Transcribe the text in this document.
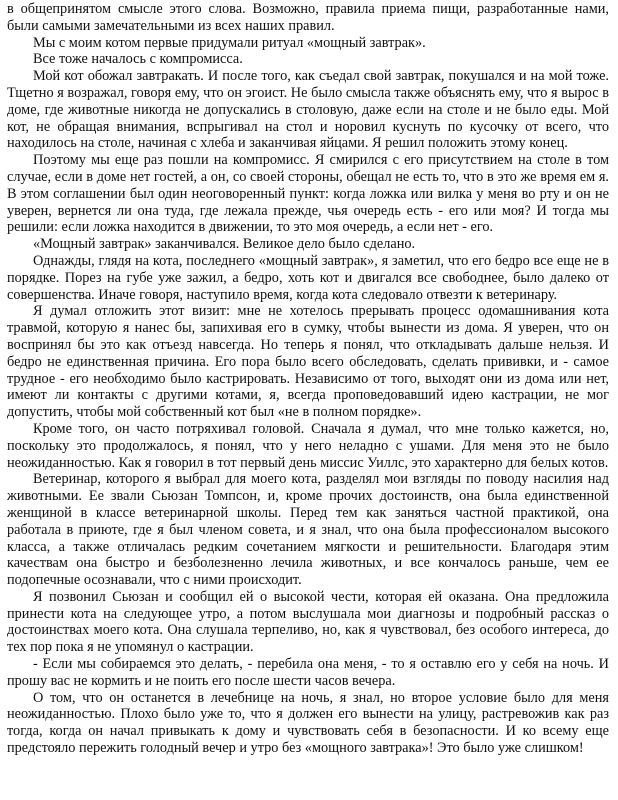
в общепринятом смысле этого слова. Возможно, правила приема пищи, разработанные нами, были самыми замечательными из всех наших правил.

Мы с моим котом первые придумали ритуал «мощный завтрак».

Все тоже началось с компромисса.

Мой кот обожал завтракать. И после того, как съедал свой завтрак, покушался и на мой тоже. Тщетно я возражал, говоря ему, что он эгоист. Не было смысла также объяснять ему, что я вырос в доме, где животные никогда не допускались в столовую, даже если на столе и не было еды. Мой кот, не обращая внимания, вспрыгивал на стол и норовил куснуть по кусочку от всего, что находилось на столе, начиная с хлеба и заканчивая яйцами. Я решил положить этому конец.

Поэтому мы еще раз пошли на компромисс. Я смирился с его присутствием на столе в том случае, если в доме нет гостей, а он, со своей стороны, обещал не есть то, что в это же время ем я. В этом соглашении был один неоговоренный пункт: когда ложка или вилка у меня во рту и он не уверен, вернется ли она туда, где лежала прежде, чья очередь есть - его или моя? И тогда мы решили: если ложка находится в движении, то это моя очередь, а если нет - его.

«Мощный завтрак» заканчивался. Великое дело было сделано.

Однажды, глядя на кота, последнего «мощный завтрак», я заметил, что его бедро все еще не в порядке. Порез на губе уже зажил, а бедро, хоть кот и двигался все свободнее, было далеко от совершенства. Иначе говоря, наступило время, когда кота следовало отвезти к ветеринару.

Я думал отложить этот визит: мне не хотелось прерывать процесс одомашнивания кота травмой, которую я нанес бы, запихивая его в сумку, чтобы вынести из дома. Я уверен, что он воспринял бы это как отъезд навсегда. Но теперь я понял, что откладывать дальше нельзя. И бедро не единственная причина. Его пора было всего обследовать, сделать прививки, и - самое трудное - его необходимо было кастрировать. Независимо от того, выходят они из дома или нет, имеют ли контакты с другими котами, я, всегда проповедовавший идею кастрации, не мог допустить, чтобы мой собственный кот был «не в полном порядке».

Кроме того, он часто потряхивал головой. Сначала я думал, что мне только кажется, но, поскольку это продолжалось, я понял, что у него неладно с ушами. Для меня это не было неожиданностью. Как я говорил в тот первый день миссис Уиллс, это характерно для белых котов.

Ветеринар, которого я выбрал для моего кота, разделял мои взгляды по поводу насилия над животными. Ее звали Сьюзан Томпсон, и, кроме прочих достоинств, она была единственной женщиной в классе ветеринарной школы. Перед тем как заняться частной практикой, она работала в приюте, где я был членом совета, и я знал, что она была профессионалом высокого класса, а также отличалась редким сочетанием мягкости и решительности. Благодаря этим качествам она быстро и безболезненно лечила животных, и все кончалось раньше, чем ее подопечные осознавали, что с ними происходит.

Я позвонил Сьюзан и сообщил ей о высокой чести, которая ей оказана. Она предложила принести кота на следующее утро, а потом выслушала мои диагнозы и подробный рассказ о достоинствах моего кота. Она слушала терпеливо, но, как я чувствовал, без особого интереса, до тех пор пока я не упомянул о кастрации.

- Если мы собираемся это делать, - перебила она меня, - то я оставлю его у себя на ночь. И прошу вас не кормить и не поить его после шести часов вечера.

О том, что он останется в лечебнице на ночь, я знал, но второе условие было для меня неожиданностью. Плохо было уже то, что я должен его вынести на улицу, растревожив как раз тогда, когда он начал привыкать к дому и чувствовать себя в безопасности. И ко всему еще предстояло пережить голодный вечер и утро без «мощного завтрака»! Это было уже слишком!
